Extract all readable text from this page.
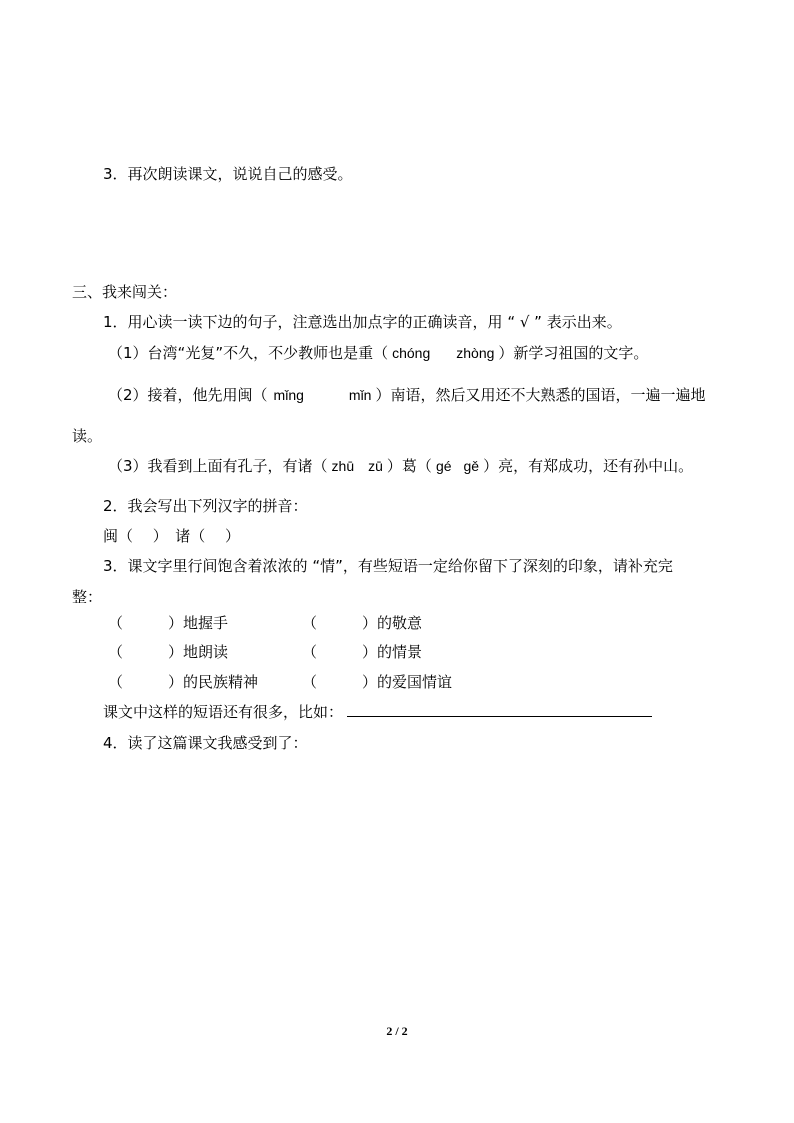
3．再次朗读课文，说说自己的感受。
三、我来闯关：
1．用心读一读下边的句子，注意选出加点字的正确读音，用 “ √ ” 表示出来。
（1）台湾“光复”不久，不少教师也是重（ chóng zhòng ）新学习祖国的文字。
（2）接着，他先用闽（ mǐng	mǐn ）南语，然后又用还不大熟悉的国语，一遍一遍地
读。
（3）我看到上面有孔子，有诸（ zhū zū ）葛（ gé gě ）亮，有郑成功，还有孙中山。
2．我会写出下列汉字的拼音：
闽（　 ）　诸（　 ）
3．课文字里行间饱含着浓浓的 “情”，有些短语一定给你留下了深刻的印象，请补充完
整：
（　　　）地握手	（　　　）的敬意
（　　　）地朗读	（　　　）的情景
（　　　）的民族精神	（　　　）的爱国情谊
课文中这样的短语还有很多，比如：
4．读了这篇课文我感受到了：
2 / 2
